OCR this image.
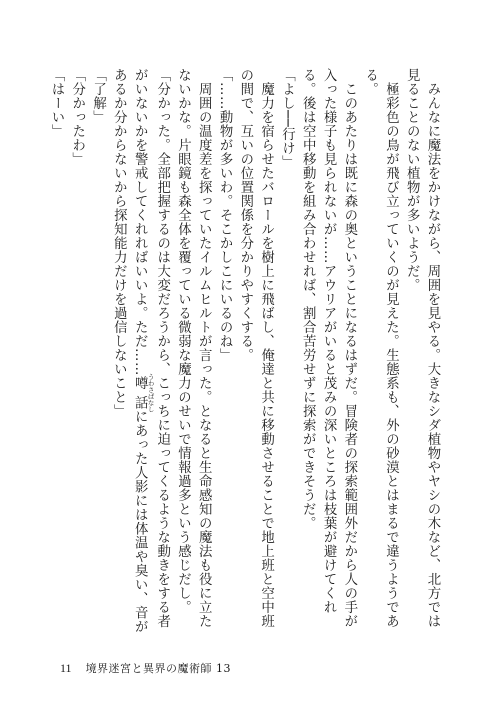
　みんなに魔法をかけながら、周囲を見やる。大きなシダ植物やヤシの木など、北方では見ることのない植物が多いようだ。

　極彩色の鳥が飛び立っていくのが見えた。生態系も、外の砂漠とはまるで違うようである。

　このあたりは既に森の奥ということになるはずだ。冒険者の探索範囲外だから人の手が入った様子も見られないが……アウリアがいると茂みの深いところは枝葉が避けてくれる。後は空中移動を組み合わせれば、割合苦労せずに探索ができそうだ。

「よし──行け」

　魔力を宿らせたバロールを樹上に飛ばし、俺達と共に移動させることで地上班と空中班の間で、互いの位置関係を分かりやすくする。

「……動物が多いわ。そこかしこにいるのね」

　周囲の温度差を探っていたイルムヒルトが言った。となると生命感知の魔法も役に立たないかな。片眼鏡も森全体を覆っている微弱な魔力のせいで情報過多という感じだし。

「分かった。全部把握するのは大変だろうから、こっちに迫ってくるような動きをする者がいないかを警戒してくれればいいよ。ただ……噂話 うわさばなしにあった人影には体温や臭い、音があるか分からないから探知能力だけを過信しないこと」

「了解」

「分かったわ」

「はーい」

11 境界迷宮と異界の魔術師 13
